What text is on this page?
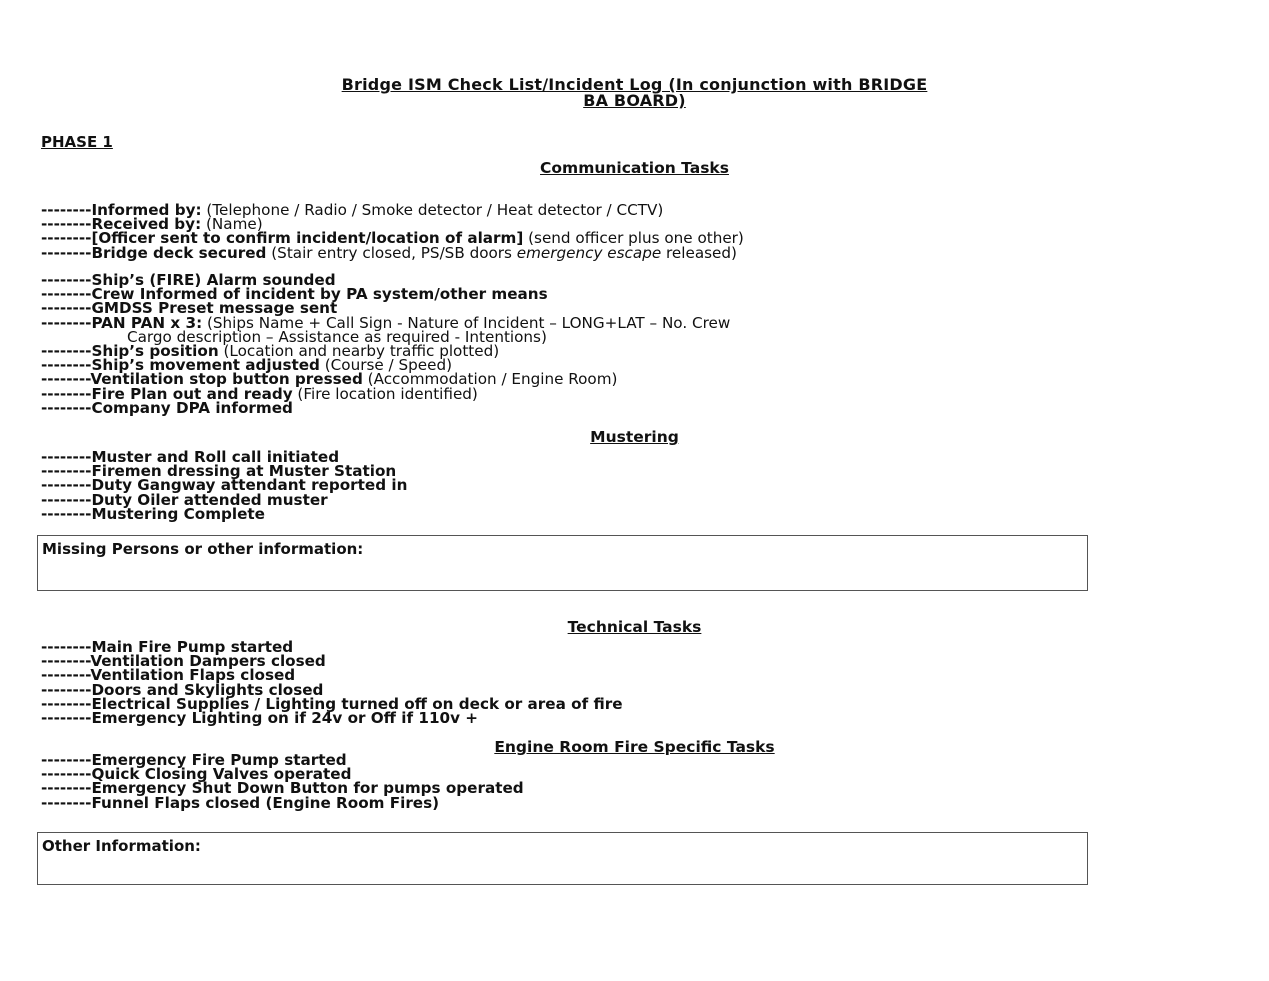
Bridge ISM Check List/Incident Log (In conjunction with BRIDGE
BA BOARD)
PHASE 1
Communication Tasks
--------Informed by: (Telephone / Radio / Smoke detector / Heat detector / CCTV)
--------Received by: (Name)
--------[Officer sent to confirm incident/location of alarm] (send officer plus one other)
--------Bridge deck secured (Stair entry closed, PS/SB doors emergency escape released)
--------Ship’s (FIRE) Alarm sounded
--------Crew Informed of incident by PA system/other means
--------GMDSS Preset message sent
--------PAN PAN x 3: (Ships Name + Call Sign - Nature of Incident – LONG+LAT – No. Crew
Cargo description – Assistance as required - Intentions)
--------Ship’s position (Location and nearby traffic plotted)
--------Ship’s movement adjusted (Course / Speed)
--------Ventilation stop button pressed (Accommodation / Engine Room)
--------Fire Plan out and ready (Fire location identified)
--------Company DPA informed
Mustering
--------Muster and Roll call initiated
--------Firemen dressing at Muster Station
--------Duty Gangway attendant reported in
--------Duty Oiler attended muster
--------Mustering Complete
Missing Persons or other information:
Technical Tasks
--------Main Fire Pump started
--------Ventilation Dampers closed
--------Ventilation Flaps closed
--------Doors and Skylights closed
--------Electrical Supplies / Lighting turned off on deck or area of fire
--------Emergency Lighting on if 24v or Off if 110v +
Engine Room Fire Specific Tasks
--------Emergency Fire Pump started
--------Quick Closing Valves operated
--------Emergency Shut Down Button for pumps operated
--------Funnel Flaps closed (Engine Room Fires)
Other Information:
